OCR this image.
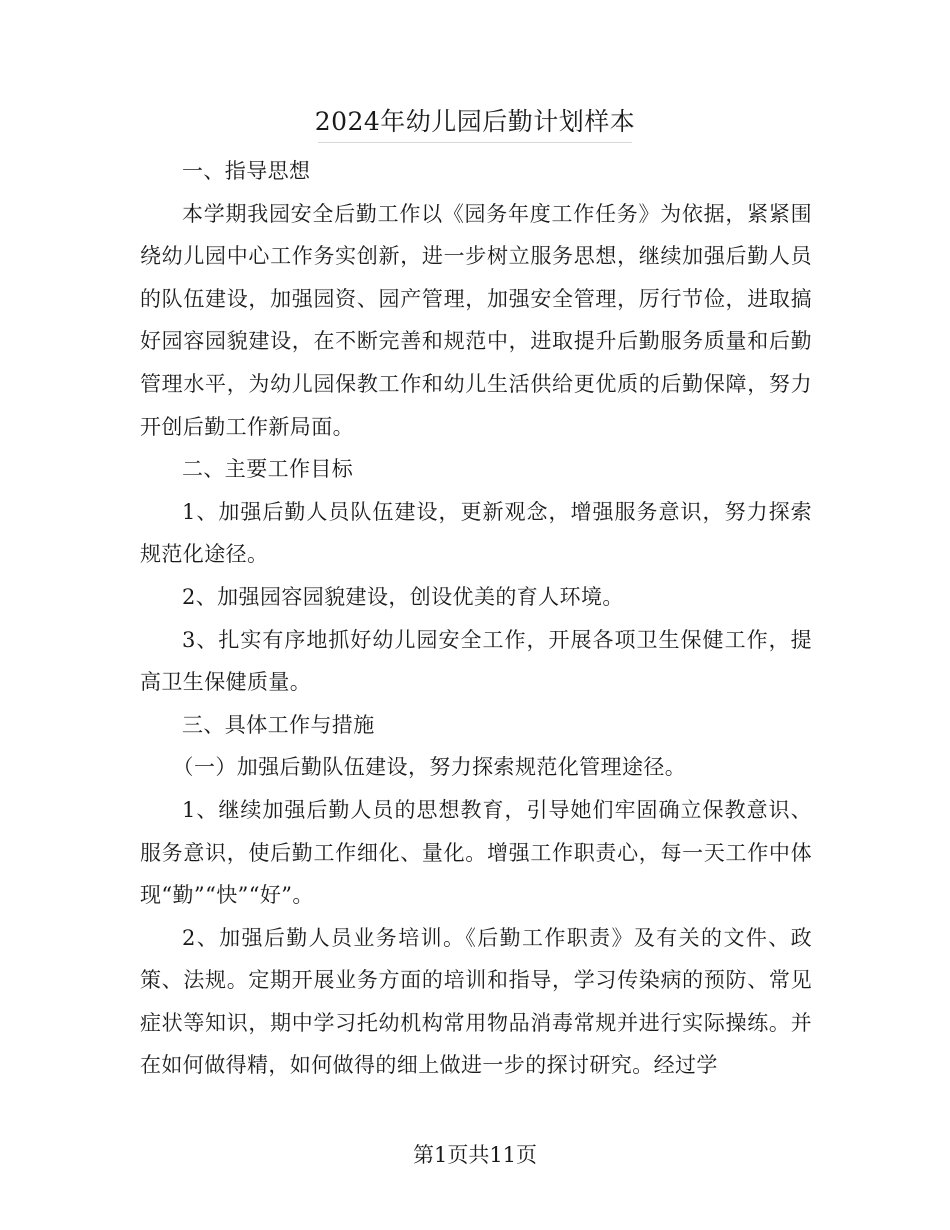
2024年幼儿园后勤计划样本

一、指导思想

本学期我园安全后勤工作以《园务年度工作任务》为依据，紧紧围绕幼儿园中心工作务实创新，进一步树立服务思想，继续加强后勤人员的队伍建设，加强园资、园产管理，加强安全管理，厉行节俭，进取搞好园容园貌建设，在不断完善和规范中，进取提升后勤服务质量和后勤管理水平，为幼儿园保教工作和幼儿生活供给更优质的后勤保障，努力开创后勤工作新局面。

二、主要工作目标

1、加强后勤人员队伍建设，更新观念，增强服务意识，努力探索规范化途径。

2、加强园容园貌建设，创设优美的育人环境。

3、扎实有序地抓好幼儿园安全工作，开展各项卫生保健工作，提高卫生保健质量。

三、具体工作与措施

（一）加强后勤队伍建设，努力探索规范化管理途径。

1、继续加强后勤人员的思想教育，引导她们牢固确立保教意识、服务意识，使后勤工作细化、量化。增强工作职责心，每一天工作中体现“勤”“快”“好”。

2、加强后勤人员业务培训。《后勤工作职责》及有关的文件、政策、法规。定期开展业务方面的培训和指导，学习传染病的预防、常见症状等知识，期中学习托幼机构常用物品消毒常规并进行实际操练。并在如何做得精，如何做得的细上做进一步的探讨研究。经过学

第1页共11页
